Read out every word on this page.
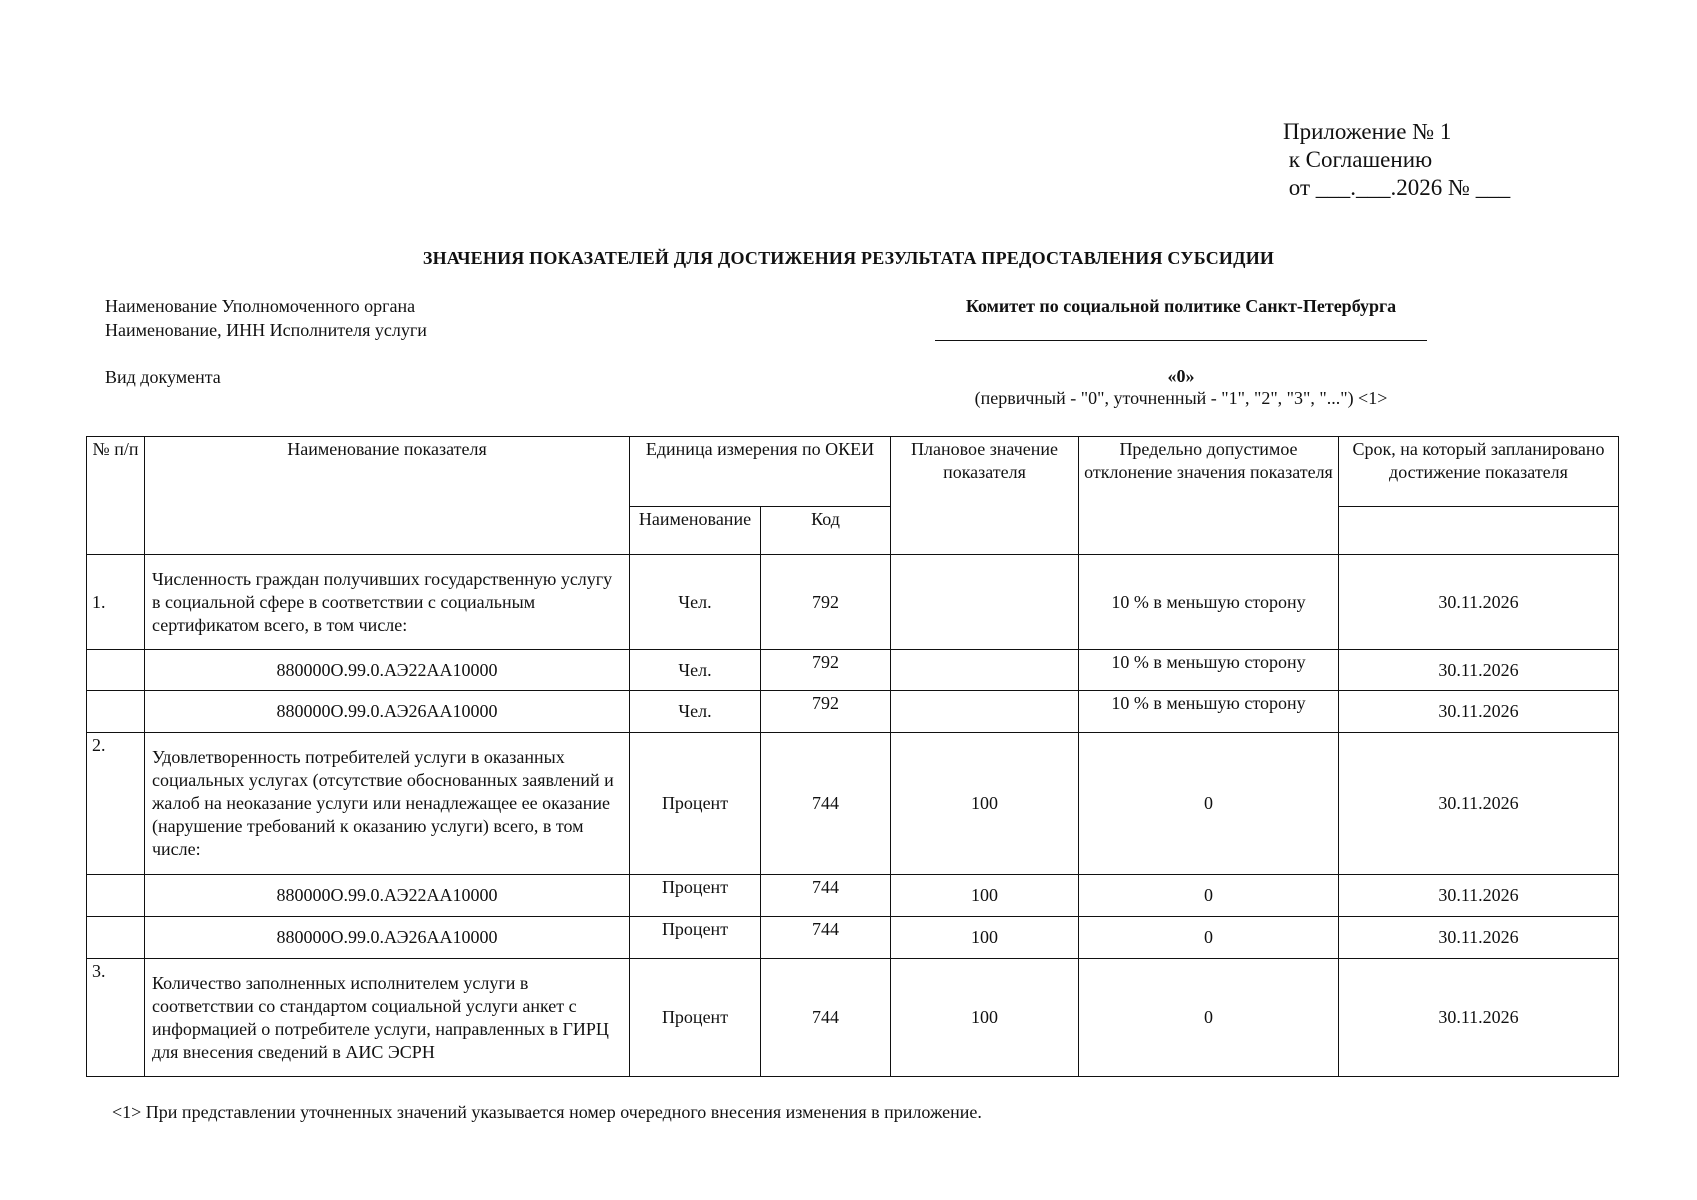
Приложение № 1
к Соглашению
от ___.___.2026 № ___
ЗНАЧЕНИЯ ПОКАЗАТЕЛЕЙ ДЛЯ ДОСТИЖЕНИЯ РЕЗУЛЬТАТА ПРЕДОСТАВЛЕНИЯ СУБСИДИИ
Наименование Уполномоченного органа
Наименование, ИНН Исполнителя услуги
Комитет по социальной политике Санкт-Петербурга
Вид документа	«0»
(первичный - "0", уточненный - "1", "2", "3", "...") <1>
№ п/п	Наименование показателя	Единица измерения по ОКЕИ		Плановое значение показателя	Предельно допустимое отклонение значения показателя	Срок, на который запланировано достижение показателя
		Наименование	Код			
1.	Численность граждан получивших государственную услугу в социальной сфере в соответствии с социальным сертификатом всего, в том числе:	Чел.	792		10 % в меньшую сторону	30.11.2026
	880000О.99.0.АЭ22АА10000	Чел.	792		10 % в меньшую сторону	30.11.2026
	880000О.99.0.АЭ26АА10000	Чел.	792		10 % в меньшую сторону	30.11.2026
2.	Удовлетворенность потребителей услуги в оказанных социальных услугах (отсутствие обоснованных заявлений и жалоб на неоказание услуги или ненадлежащее ее оказание (нарушение требований к оказанию услуги) всего, в том числе:	Процент	744	100	0	30.11.2026
	880000О.99.0.АЭ22АА10000	Процент	744	100	0	30.11.2026
	880000О.99.0.АЭ26АА10000	Процент	744	100	0	30.11.2026
3.	Количество заполненных исполнителем услуги в соответствии со стандартом социальной услуги анкет с информацией о потребителе услуги, направленных в ГИРЦ для внесения сведений в АИС ЭСРН	Процент	744	100	0	30.11.2026
<1> При представлении уточненных значений указывается номер очередного внесения изменения в приложение.
